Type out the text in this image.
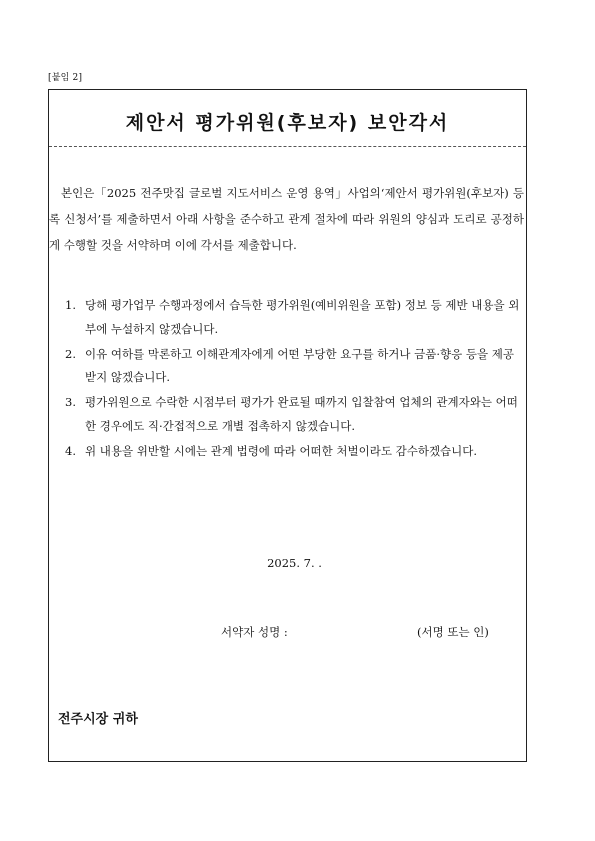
[붙임 2]
제안서 평가위원(후보자) 보안각서

본인은「2025 전주맛집 글로벌 지도서비스 운영 용역」사업의‘제안서 평가위원(후보자) 등록 신청서’를 제출하면서 아래 사항을 준수하고 관계 절차에 따라 위원의 양심과 도리로 공정하게 수행할 것을 서약하며 이에 각서를 제출합니다.

1. 당해 평가업무 수행과정에서 습득한 평가위원(예비위원을 포함) 정보 등 제반 내용을 외부에 누설하지 않겠습니다.
2. 이유 여하를 막론하고 이해관계자에게 어떤 부당한 요구를 하거나 금품·향응 등을 제공받지 않겠습니다.
3. 평가위원으로 수락한 시점부터 평가가 완료될 때까지 입찰참여 업체의 관계자와는 어떠한 경우에도 직·간접적으로 개별 접촉하지 않겠습니다.
4. 위 내용을 위반할 시에는 관계 법령에 따라 어떠한 처벌이라도 감수하겠습니다.
2025. 7. .
서약자 성명 :	(서명 또는 인)
전주시장 귀하
